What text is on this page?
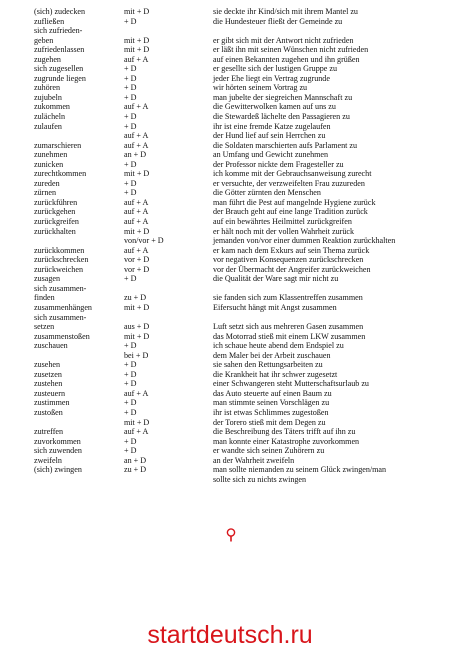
(sich) zudecken	mit + D	sie deckte ihr Kind/sich mit ihrem Mantel zu
zufließen	+ D	die Hundesteuer fließt der Gemeinde zu
sich zufrieden-
geben	mit + D	er gibt sich mit der Antwort nicht zufrieden
zufriedenlassen	mit + D	er läßt ihn mit seinen Wünschen nicht zufrieden
zugehen	auf + A	auf einen Bekannten zugehen und ihn grüßen
sich zugesellen	+ D	er gesellte sich der lustigen Gruppe zu
zugrunde liegen	+ D	jeder Ehe liegt ein Vertrag zugrunde
zuhören	+ D	wir hörten seinem Vortrag zu
zujubeln	+ D	man jubelte der siegreichen Mannschaft zu
zukommen	auf + A	die Gewitterwolken kamen auf uns zu
zulächeln	+ D	die Stewardeß lächelte den Passagieren zu
zulaufen	+ D	ihr ist eine fremde Katze zugelaufen
auf + A	der Hund lief auf sein Herrchen zu
zumarschieren	auf + A	die Soldaten marschierten aufs Parlament zu
zunehmen	an + D	an Umfang und Gewicht zunehmen
zunicken	+ D	der Professor nickte dem Fragesteller zu
zurechtkommen	mit + D	ich komme mit der Gebrauchsanweisung zurecht
zureden	+ D	er versuchte, der verzweifelten Frau zuzureden
zürnen	+ D	die Götter zürnten den Menschen
zurückführen	auf + A	man führt die Pest auf mangelnde Hygiene zurück
zurückgehen	auf + A	der Brauch geht auf eine lange Tradition zurück
zurückgreifen	auf + A	auf ein bewährtes Heilmittel zurückgreifen
zurückhalten	mit + D	er hält noch mit der vollen Wahrheit zurück
von/vor + D	jemanden von/vor einer dummen Reaktion zurückhalten
zurückkommen	auf + A	er kam nach dem Exkurs auf sein Thema zurück
zurückschrecken	vor + D	vor negativen Konsequenzen zurückschrecken
zurückweichen	vor + D	vor der Übermacht der Angreifer zurückweichen
zusagen	+ D	die Qualität der Ware sagt mir nicht zu
sich zusammen-
finden	zu + D	sie fanden sich zum Klassentreffen zusammen
zusammenhängen	mit + D	Eifersucht hängt mit Angst zusammen
sich zusammen-
setzen	aus + D	Luft setzt sich aus mehreren Gasen zusammen
zusammenstoßen	mit + D	das Motorrad stieß mit einem LKW zusammen
zuschauen	+ D	ich schaue heute abend dem Endspiel zu
bei + D	dem Maler bei der Arbeit zuschauen
zusehen	+ D	sie sahen den Rettungsarbeiten zu
zusetzen	+ D	die Krankheit hat ihr schwer zugesetzt
zustehen	+ D	einer Schwangeren steht Mutterschaftsurlaub zu
zusteuern	auf + A	das Auto steuerte auf einen Baum zu
zustimmen	+ D	man stimmte seinen Vorschlägen zu
zustoßen	+ D	ihr ist etwas Schlimmes zugestoßen
mit + D	der Torero stieß mit dem Degen zu
zutreffen	auf + A	die Beschreibung des Täters trifft auf ihn zu
zuvorkommen	+ D	man konnte einer Katastrophe zuvorkommen
sich zuwenden	+ D	er wandte sich seinen Zuhörern zu
zweifeln	an + D	an der Wahrheit zweifeln
(sich) zwingen	zu + D	man sollte niemanden zu seinem Glück zwingen/man
sollte sich zu nichts zwingen
startdeutsch.ru
